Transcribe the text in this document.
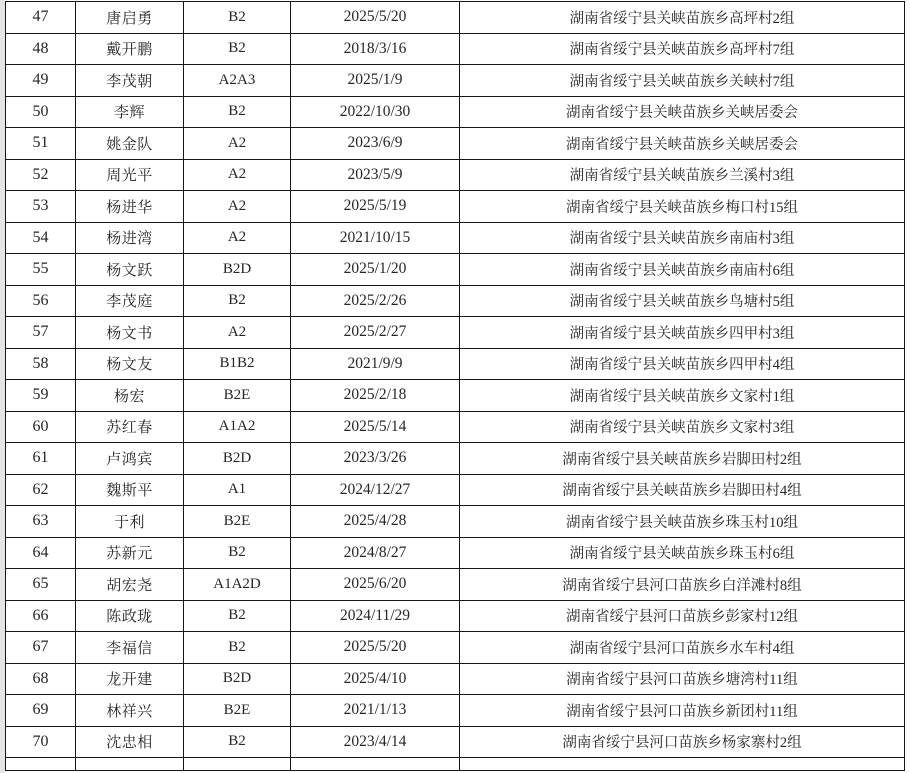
47	唐启勇	B2	2025/5/20	湖南省绥宁县关峡苗族乡高坪村2组
48	戴开鹏	B2	2018/3/16	湖南省绥宁县关峡苗族乡高坪村7组
49	李茂朝	A2A3	2025/1/9	湖南省绥宁县关峡苗族乡关峡村7组
50	李辉	B2	2022/10/30	湖南省绥宁县关峡苗族乡关峡居委会
51	姚金队	A2	2023/6/9	湖南省绥宁县关峡苗族乡关峡居委会
52	周光平	A2	2023/5/9	湖南省绥宁县关峡苗族乡兰溪村3组
53	杨进华	A2	2025/5/19	湖南省绥宁县关峡苗族乡梅口村15组
54	杨进湾	A2	2021/10/15	湖南省绥宁县关峡苗族乡南庙村3组
55	杨文跃	B2D	2025/1/20	湖南省绥宁县关峡苗族乡南庙村6组
56	李茂庭	B2	2025/2/26	湖南省绥宁县关峡苗族乡鸟塘村5组
57	杨文书	A2	2025/2/27	湖南省绥宁县关峡苗族乡四甲村3组
58	杨文友	B1B2	2021/9/9	湖南省绥宁县关峡苗族乡四甲村4组
59	杨宏	B2E	2025/2/18	湖南省绥宁县关峡苗族乡文家村1组
60	苏红春	A1A2	2025/5/14	湖南省绥宁县关峡苗族乡文家村3组
61	卢鸿宾	B2D	2023/3/26	湖南省绥宁县关峡苗族乡岩脚田村2组
62	魏斯平	A1	2024/12/27	湖南省绥宁县关峡苗族乡岩脚田村4组
63	于利	B2E	2025/4/28	湖南省绥宁县关峡苗族乡珠玉村10组
64	苏新元	B2	2024/8/27	湖南省绥宁县关峡苗族乡珠玉村6组
65	胡宏尧	A1A2D	2025/6/20	湖南省绥宁县河口苗族乡白洋滩村8组
66	陈政珑	B2	2024/11/29	湖南省绥宁县河口苗族乡彭家村12组
67	李福信	B2	2025/5/20	湖南省绥宁县河口苗族乡水车村4组
68	龙开建	B2D	2025/4/10	湖南省绥宁县河口苗族乡塘湾村11组
69	林祥兴	B2E	2021/1/13	湖南省绥宁县河口苗族乡新团村11组
70	沈忠相	B2	2023/4/14	湖南省绥宁县河口苗族乡杨家寨村2组
